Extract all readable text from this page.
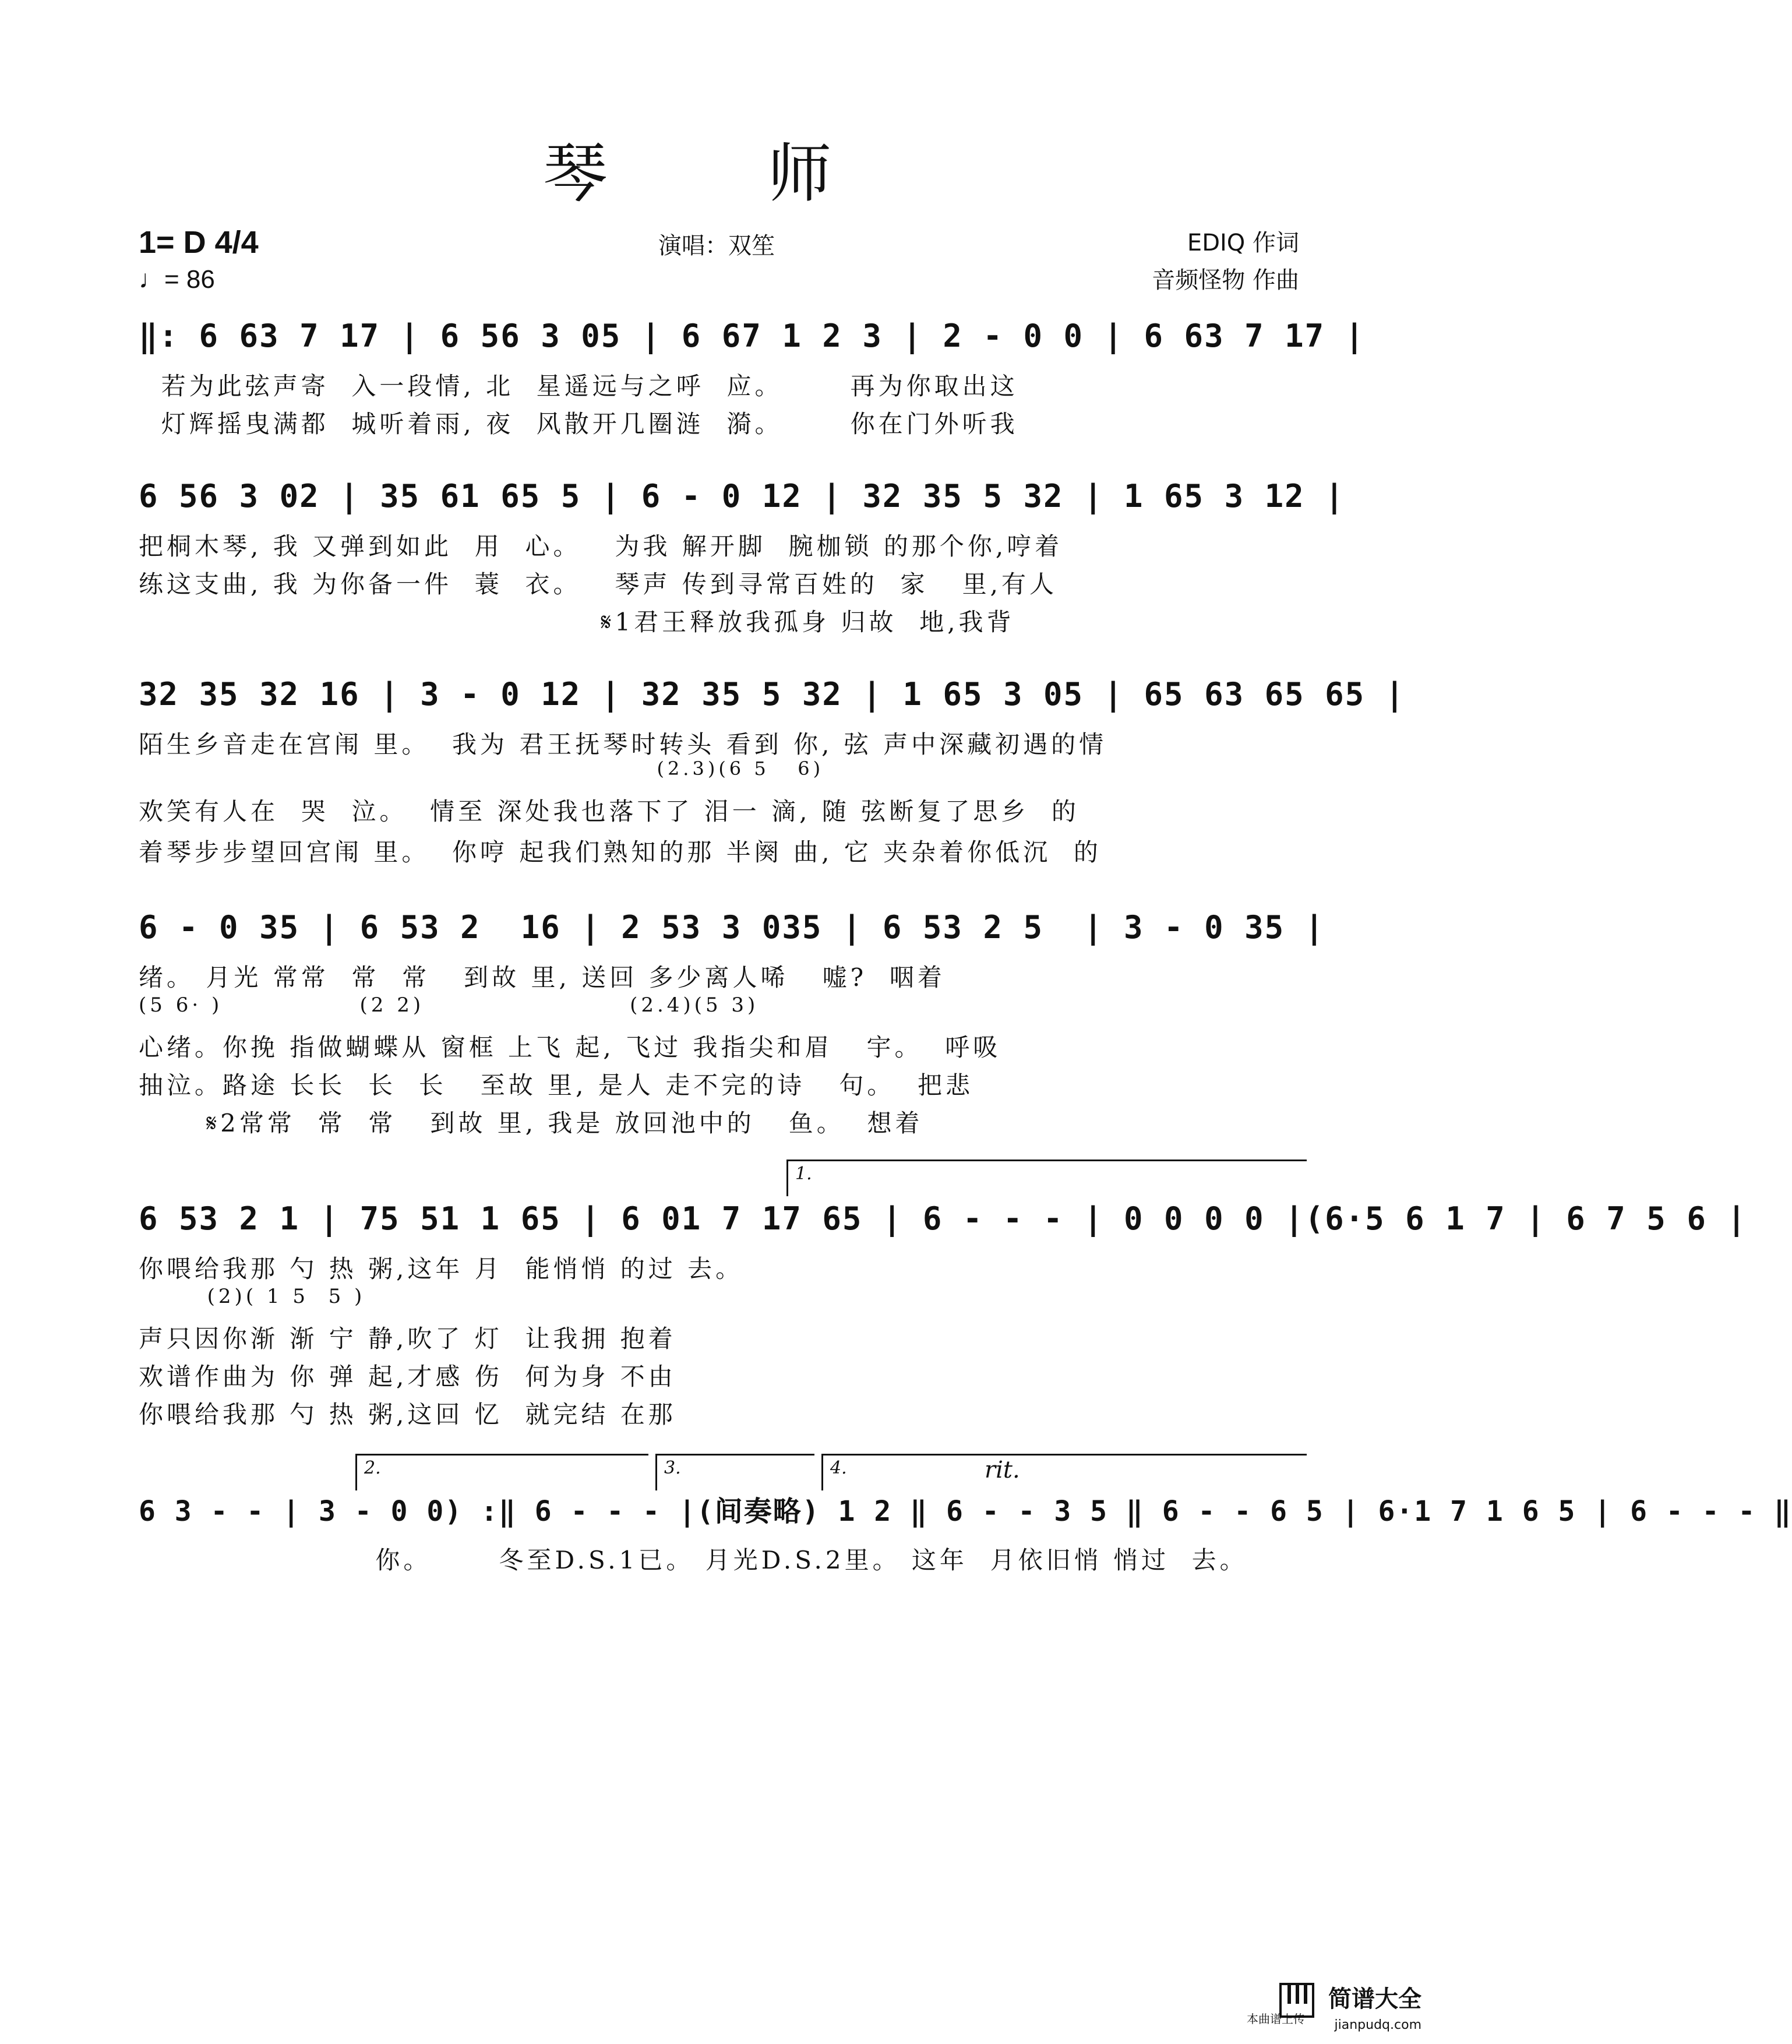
琴 师
1= D 4/4
♩= 86
演唱：双笙	EDIQ 作词
音频怪物 作曲
‖: 6 63 7 17 | 6 56 3 05 | 6 67 1 2 3 | 2 - 0 0 | 6 63 7 17 |
若为此弦声寄  入一段情, 北  星遥远与之呼  应。      再为你取出这
灯辉摇曳满都  城听着雨, 夜  风散开几圈涟  漪。      你在门外听我
6 56 3 02 | 35 61 65 5 | 6 - 0 12 | 32 35 5 32 | 1 65 3 12 |
把桐木琴, 我 又弹到如此  用  心。   为我 解开脚  腕枷锁 的那个你,哼着
练这支曲, 我 为你备一件  蓑  衣。   琴声 传到寻常百姓的  家   里,有人
𝄋1君王释放我孤身 归故  地,我背
32 35 32 16 | 3 - 0 12 | 32 35 5 32 | 1 65 3 05 | 65 63 65 65 |
陌生乡音走在宫闱 里。  我为 君王抚琴时转头 看到 你, 弦 声中深藏初遇的情
(2.3)(6 5   6)
欢笑有人在  哭  泣。  情至 深处我也落下了 泪一 滴, 随 弦断复了思乡  的
着琴步步望回宫闱 里。  你哼 起我们熟知的那 半阕 曲, 它 夹杂着你低沉  的
6 - 0 35 | 6 53 2  16 | 2 53 3 035 | 6 53 2 5  | 3 - 0 35 |
绪。 月光 常常  常  常   到故 里, 送回 多少离人唏   嘘?  咽着
(5 6· )              (2 2)                     (2.4)(5 3)
心绪。你挽 指做蝴蝶从 窗框 上飞 起, 飞过 我指尖和眉   宇。  呼吸
抽泣。路途 长长  长  长   至故 里, 是人 走不完的诗   句。  把悲
𝄋2常常  常  常   到故 里, 我是 放回池中的   鱼。  想着
1.
6 53 2 1 | 75 51 1 65 | 6 01 7 17 65 | 6 - - - | 0 0 0 0 |(6·5 6 1 7 | 6 7 5 6 |
你喂给我那 勺 热 粥,这年 月  能悄悄 的过 去。
(2)( 1 5  5 )
声只因你渐 渐 宁 静,吹了 灯  让我拥 抱着
欢谱作曲为 你 弹 起,才感 伤  何为身 不由
你喂给我那 勺 热 粥,这回 忆  就完结 在那
2.	3.	4.	rit.
6 3 - - | 3 - 0 0) :‖ 6 - - - |(间奏略) 1 2 ‖ 6 - - 3 5 ‖ 6 - - 6 5 | 6·1 7 1 6 5 | 6 - - - ‖
你。      冬至D.S.1已。 月光D.S.2里。 这年  月依旧悄 悄过  去。
本曲谱上传
简谱大全
jianpudq.com
